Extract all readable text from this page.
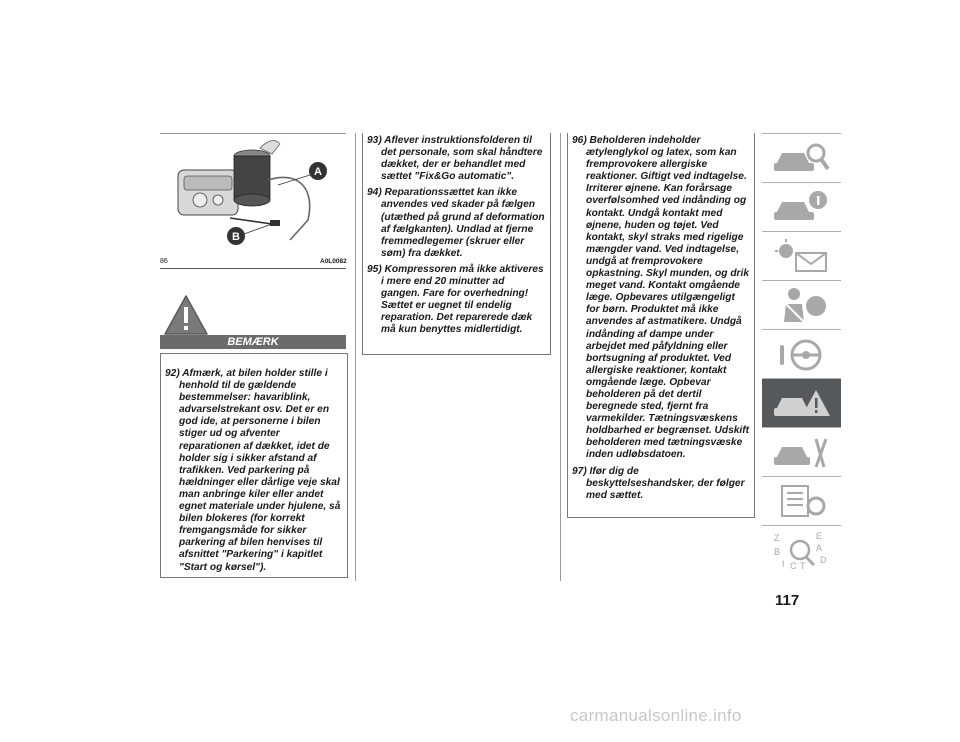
A
B
86	A0L0082
BEMÆRK

92) Afmærk, at bilen holder stille i henhold til de gældende bestemmelser: havariblink, advarselstrekant osv. Det er en god ide, at personerne i bilen stiger ud og afventer reparationen af dækket, idet de holder sig i sikker afstand af trafikken. Ved parkering på hældninger eller dårlige veje skal man anbringe kiler eller andet egnet materiale under hjulene, så bilen blokeres (for korrekt fremgangsmåde for sikker parkering af bilen henvises til afsnittet "Parkering" i kapitlet "Start og kørsel").

93) Aflever instruktionsfolderen til det personale, som skal håndtere dækket, der er behandlet med sættet "Fix&Go automatic".

94) Reparationssættet kan ikke anvendes ved skader på fælgen (utæthed på grund af deformation af fælgkanten). Undlad at fjerne fremmedlegemer (skruer eller søm) fra dækket.

95) Kompressoren må ikke aktiveres i mere end 20 minutter ad gangen. Fare for overhedning! Sættet er uegnet til endelig reparation. Det reparerede dæk må kun benyttes midlertidigt.

96) Beholderen indeholder ætylenglykol og latex, som kan fremprovokere allergiske reaktioner. Giftigt ved indtagelse. Irriterer øjnene. Kan forårsage overfølsomhed ved indånding og kontakt. Undgå kontakt med øjnene, huden og tøjet. Ved kontakt, skyl straks med rigelige mængder vand. Ved indtagelse, undgå at fremprovokere opkastning. Skyl munden, og drik meget vand. Kontakt omgående læge. Opbevares utilgængeligt for børn. Produktet må ikke anvendes af astmatikere. Undgå indånding af dampe under arbejdet med påfyldning eller bortsugning af produktet. Ved allergiske reaktioner, kontakt omgående læge. Opbevar beholderen på det dertil beregnede sted, fjernt fra varmekilder. Tætningsvæskens holdbarhed er begrænset. Udskift beholderen med tætningsvæske inden udløbsdatoen.

97) Ifør dig de beskyttelseshandsker, der følger med sættet.

Z	E
B	A
D
I C T
117
carmanualsonline.info
